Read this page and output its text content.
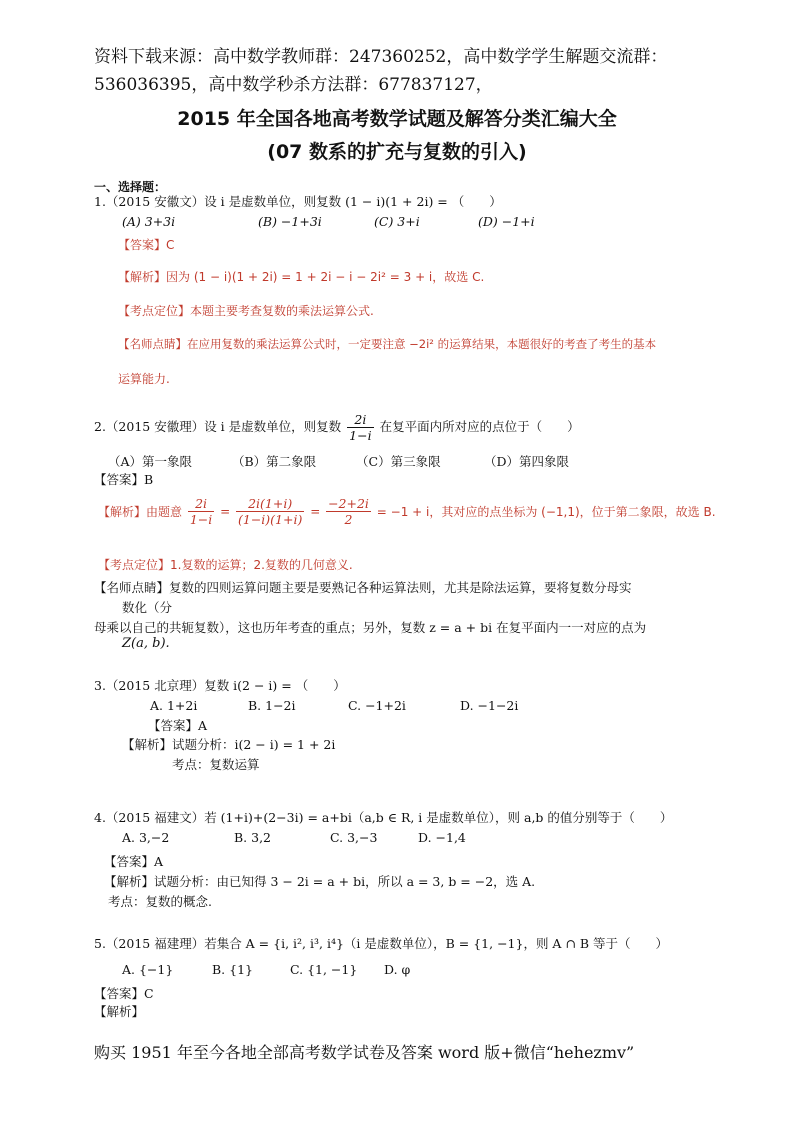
资料下载来源：高中数学教师群：247360252，高中数学学生解题交流群：
536036395，高中数学秒杀方法群：677837127，
2015 年全国各地高考数学试题及解答分类汇编大全
(07 数系的扩充与复数的引入)
一、选择题：
1.（2015 安徽文）设 i 是虚数单位，则复数 (1 − i)(1 + 2i) = （　　）
(A) 3+3i	(B) −1+3i	(C) 3+i	(D) −1+i
【答案】C
【解析】因为 (1 − i)(1 + 2i) = 1 + 2i − i − 2i² = 3 + i，故选 C.
【考点定位】本题主要考查复数的乘法运算公式.
【名师点睛】在应用复数的乘法运算公式时，一定要注意 −2i² 的运算结果，本题很好的考查了考生的基本
运算能力.
2.（2015 安徽理）设 i 是虚数单位，则复数 $\frac{2i}{1-i}$ 在复平面内所对应的点位于（　　）
（A）第一象限	（B）第二象限	（C）第三象限	（D）第四象限
【答案】B
【解析】由题意 $\frac{2i}{1-i} = \frac{2i(1+i)}{(1-i)(1+i)} = \frac{-2+2i}{2} = -1 + i$，其对应的点坐标为 (−1,1)，位于第二象限，故选 B.
【考点定位】1.复数的运算；2.复数的几何意义.
【名师点睛】复数的四则运算问题主要是要熟记各种运算法则，尤其是除法运算，要将复数分母实
数化（分
母乘以自己的共轭复数），这也历年考查的重点；另外，复数 z = a + bi 在复平面内一一对应的点为
Z(a, b).
3.（2015 北京理）复数 i(2 − i) = （　　）
A. 1+2i	B. 1−2i	C. −1+2i	D. −1−2i
【答案】A
【解析】试题分析：i(2 − i) = 1 + 2i
考点：复数运算
4.（2015 福建文）若 (1+i)+(2−3i) = a+bi（a,b ∈ R, i 是虚数单位），则 a,b 的值分别等于（　　）
A. 3,−2	B. 3,2	C. 3,−3	D. −1,4
【答案】A
【解析】试题分析：由已知得 3 − 2i = a + bi，所以 a = 3, b = −2，选 A.
考点：复数的概念.
5.（2015 福建理）若集合 A = {i, i², i³, i⁴}（i 是虚数单位），B = {1, −1}，则 A ∩ B 等于（　　）
A. {−1}	B. {1}	C. {1, −1} D. φ
【答案】C
【解析】
购买 1951 年至今各地全部高考数学试卷及答案 word 版+微信“hehezmv”
